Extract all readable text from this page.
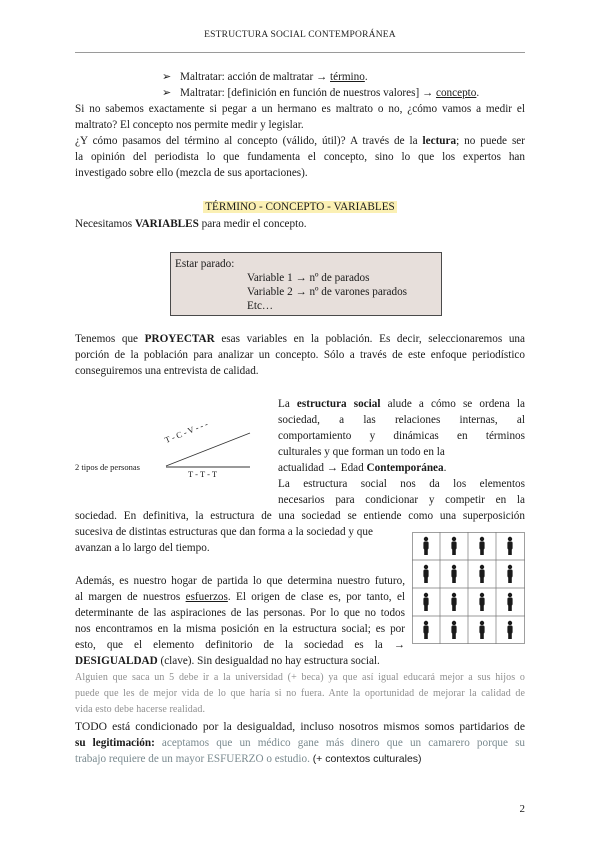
ESTRUCTURA SOCIAL CONTEMPORÁNEA
➢ Maltratar: acción de maltratar → término.
➢ Maltratar: [definición en función de nuestros valores] → concepto.
Si no sabemos exactamente si pegar a un hermano es maltrato o no, ¿cómo vamos a medir el
maltrato? El concepto nos permite medir y legislar.
¿Y cómo pasamos del término al concepto (válido, útil)? A través de la lectura; no puede ser
la opinión del periodista lo que fundamenta el concepto, sino lo que los expertos han
investigado sobre ello (mezcla de sus aportaciones).
TÉRMINO - CONCEPTO - VARIABLES
Necesitamos VARIABLES para medir el concepto.
Estar parado:
Variable 1 → nº de parados
Variable 2 → nº de varones parados
Etc…
Tenemos que PROYECTAR esas variables en la población. Es decir, seleccionaremos una
porción de la población para analizar un concepto. Sólo a través de este enfoque periodístico
conseguiremos una entrevista de calidad.
T - C - V - - -
2 tipos de personas
T - T - T
La estructura social alude a cómo se ordena la
sociedad, a las relaciones internas, al
comportamiento y dinámicas en términos
culturales y que forman un todo en la
actualidad → Edad Contemporánea.
La estructura social nos da los elementos
necesarios para condicionar y competir en la
sociedad. En definitiva, la estructura de una sociedad se entiende como una superposición
sucesiva de distintas estructuras que dan forma a la sociedad y que
avanzan a lo largo del tiempo.
Además, es nuestro hogar de partida lo que determina nuestro futuro,
al margen de nuestros esfuerzos. El origen de clase es, por tanto, el
determinante de las aspiraciones de las personas. Por lo que no todos
nos encontramos en la misma posición en la estructura social; es por
esto, que el elemento definitorio de la sociedad es la →
DESIGUALDAD (clave). Sin desigualdad no hay estructura social.
Alguien que saca un 5 debe ir a la universidad (+ beca) ya que así igual educará mejor a sus hijos o
puede que les de mejor vida de lo que haría si no fuera. Ante la oportunidad de mejorar la calidad de
vida esto debe hacerse realidad.
TODO está condicionado por la desigualdad, incluso nosotros mismos somos partidarios de
su legitimación: aceptamos que un médico gane más dinero que un camarero porque su
trabajo requiere de un mayor ESFUERZO o estudio. (+ contextos culturales)
2
